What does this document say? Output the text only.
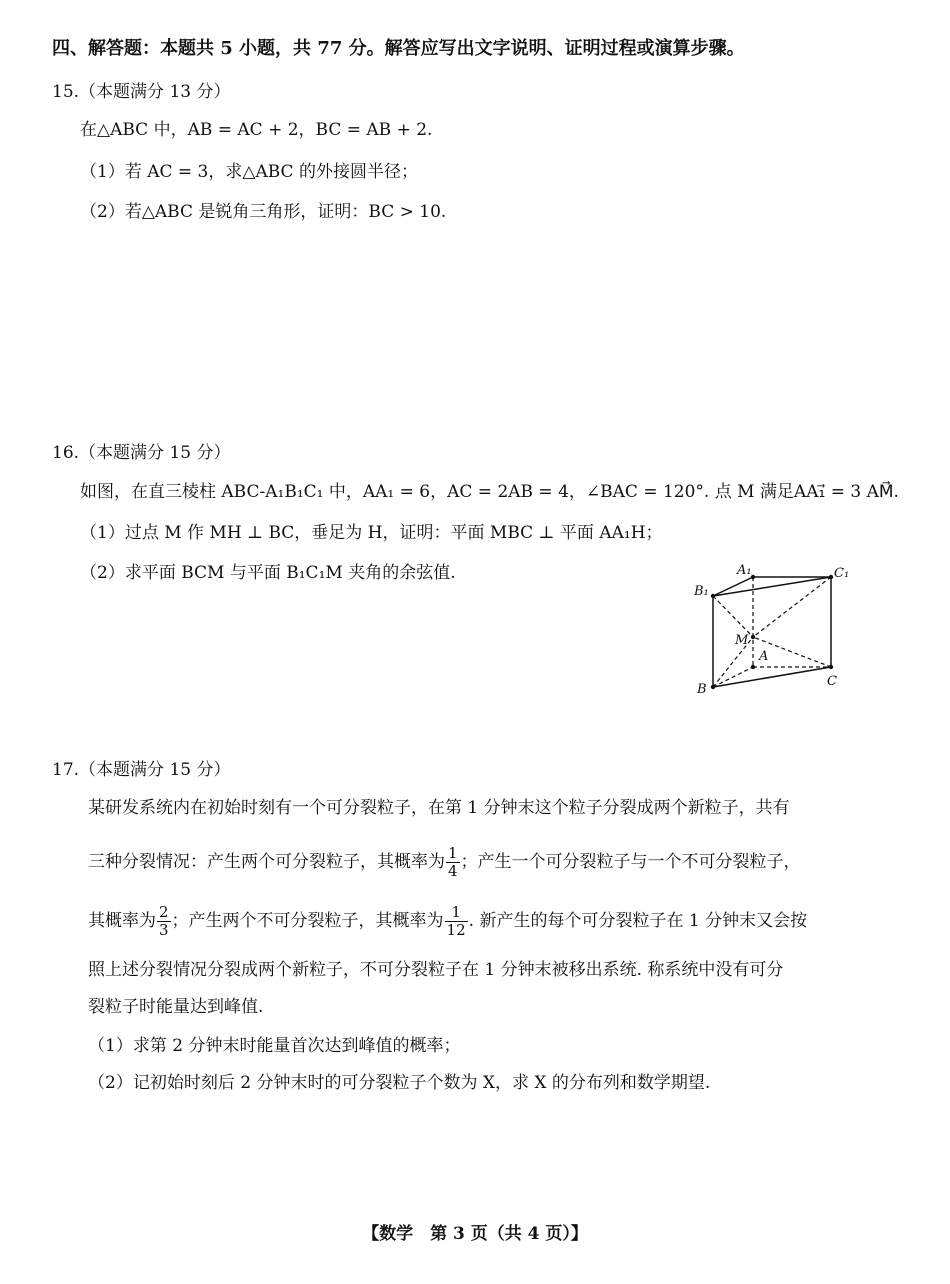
四、解答题：本题共 5 小题，共 77 分。解答应写出文字说明、证明过程或演算步骤。
15.（本题满分 13 分）
在△ABC 中，AB = AC + 2，BC = AB + 2.
（1）若 AC = 3，求△ABC 的外接圆半径；
（2）若△ABC 是锐角三角形，证明：BC > 10.
16.（本题满分 15 分）
如图，在直三棱柱 ABC-A₁B₁C₁ 中，AA₁ = 6，AC = 2AB = 4，∠BAC = 120°. 点 M 满足AA₁⃗ = 3 AM⃗.
（1）过点 M 作 MH ⊥ BC，垂足为 H，证明：平面 MBC ⊥ 平面 AA₁H；
（2）求平面 BCM 与平面 B₁C₁M 夹角的余弦值.	A₁	C₁
B₁
M
A
B
C
17.（本题满分 15 分）
某研发系统内在初始时刻有一个可分裂粒子，在第 1 分钟末这个粒子分裂成两个新粒子，共有
三种分裂情况：产生两个可分裂粒子，其概率为 $\frac{1}{4}$ ；产生一个可分裂粒子与一个不可分裂粒子，
其概率为 $\frac{2}{3}$ ；产生两个不可分裂粒子，其概率为 $\frac{1}{12}$ . 新产生的每个可分裂粒子在 1 分钟末又会按
照上述分裂情况分裂成两个新粒子，不可分裂粒子在 1 分钟末被移出系统. 称系统中没有可分
裂粒子时能量达到峰值.
（1）求第 2 分钟末时能量首次达到峰值的概率；
（2）记初始时刻后 2 分钟末时的可分裂粒子个数为 X，求 X 的分布列和数学期望.
【数学　第 3 页（共 4 页）】
